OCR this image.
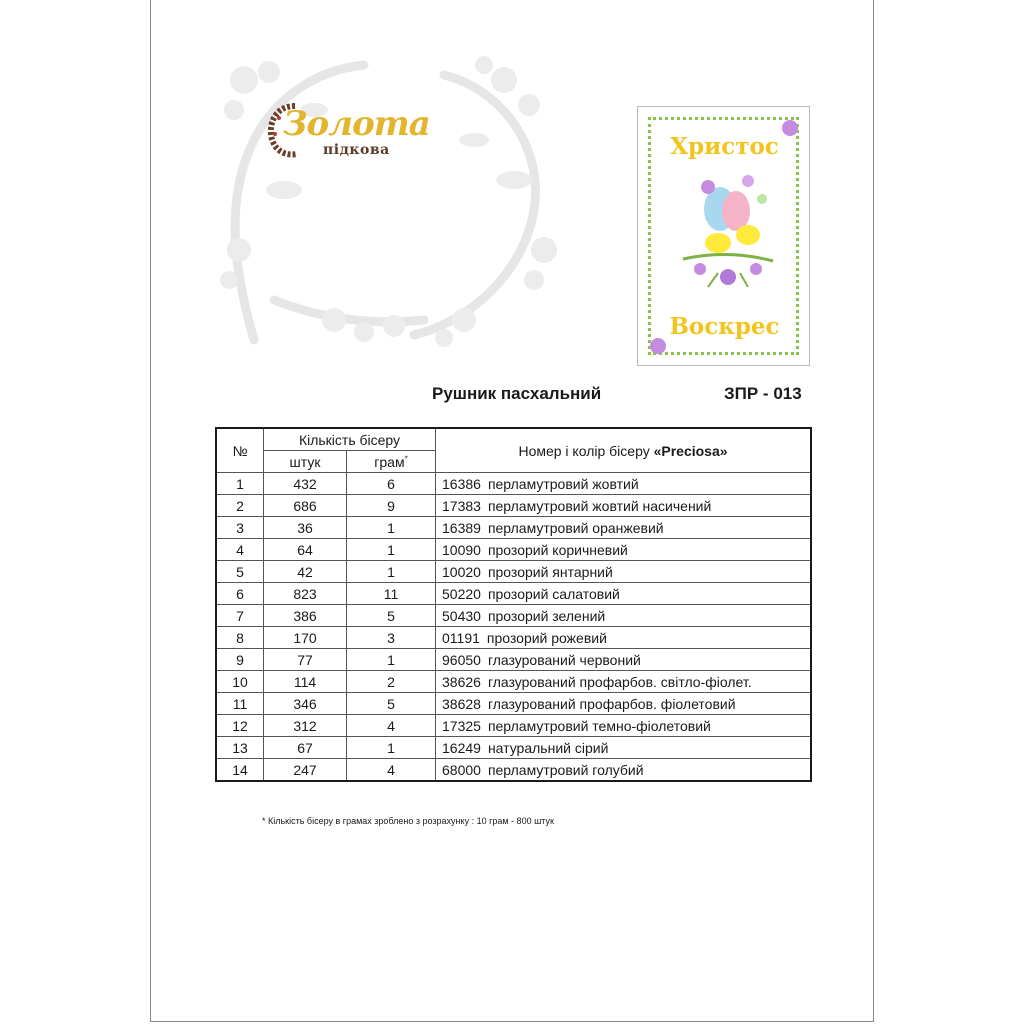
Золота
підкова	Христос
Воскрес
Рушник пасхальний	ЗПР - 013
№	Кількість бісеру		Номер і колір бісеру «Preciosa»
	штук	грам*
1	432	6	16386  перламутровий жовтий
2	686	9	17383  перламутровий жовтий насичений
3	36	1	16389  перламутровий оранжевий
4	64	1	10090  прозорий коричневий
5	42	1	10020  прозорий янтарний
6	823	11	50220  прозорий салатовий
7	386	5	50430  прозорий зелений
8	170	3	01191  прозорий рожевий
9	77	1	96050  глазурований червоний
10	114	2	38626  глазурований профарбов. світло-фіолет.
11	346	5	38628  глазурований профарбов. фіолетовий
12	312	4	17325  перламутровий темно-фіолетовий
13	67	1	16249  натуральний сірий
14	247	4	68000  перламутровий голубий
* Кількість бісеру в грамах зроблено з розрахунку : 10 грам - 800 штук
